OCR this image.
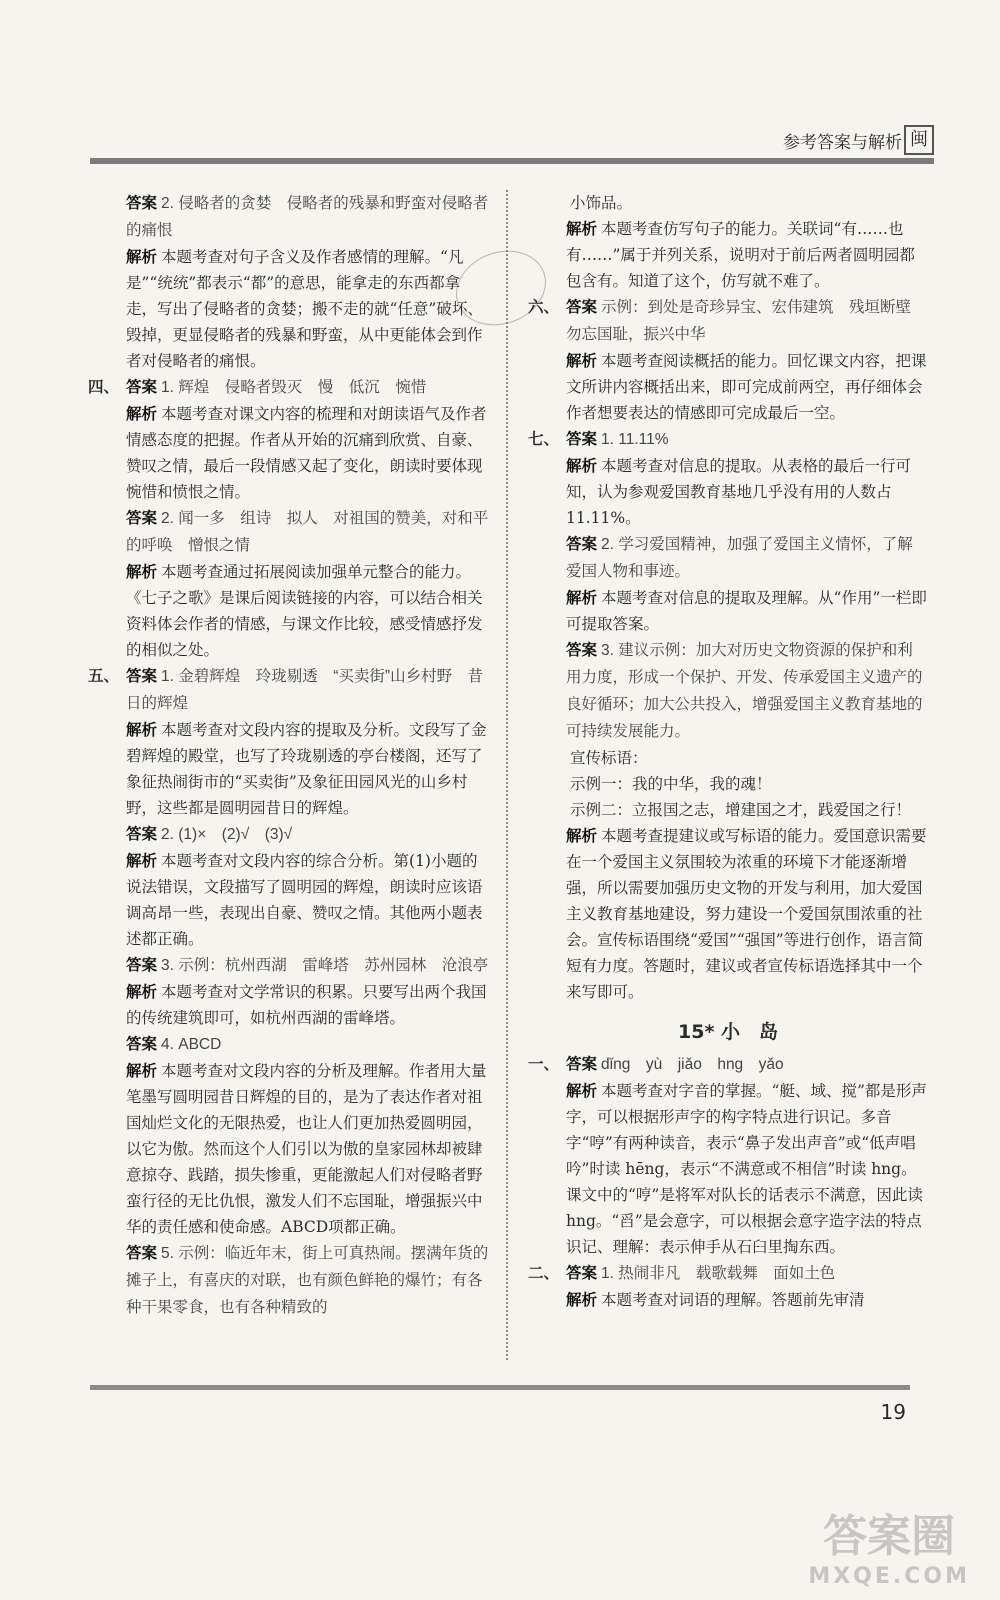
参考答案与解析 闽

答案 2. 侵略者的贪婪　侵略者的残暴和野蛮对侵略者的痛恨

解析 本题考查对句子含义及作者感情的理解。“凡是”“统统”都表示“都”的意思，能拿走的东西都拿走，写出了侵略者的贪婪；搬不走的就“任意”破坏、毁掉，更显侵略者的残暴和野蛮，从中更能体会到作者对侵略者的痛恨。

四、 答案 1. 辉煌　侵略者毁灭　慢　低沉　惋惜

解析 本题考查对课文内容的梳理和对朗读语气及作者情感态度的把握。作者从开始的沉痛到欣赏、自豪、赞叹之情，最后一段情感又起了变化，朗读时要体现惋惜和愤恨之情。

答案 2. 闻一多　组诗　拟人　对祖国的赞美，对和平的呼唤　憎恨之情

解析 本题考查通过拓展阅读加强单元整合的能力。《七子之歌》是课后阅读链接的内容，可以结合相关资料体会作者的情感，与课文作比较，感受情感抒发的相似之处。

五、 答案 1. 金碧辉煌　玲珑剔透　“买卖街”山乡村野　昔日的辉煌

解析 本题考查对文段内容的提取及分析。文段写了金碧辉煌的殿堂，也写了玲珑剔透的亭台楼阁，还写了象征热闹街市的“买卖街”及象征田园风光的山乡村野，这些都是圆明园昔日的辉煌。

答案 2. (1)×　(2)√　(3)√

解析 本题考查对文段内容的综合分析。第(1)小题的说法错误，文段描写了圆明园的辉煌，朗读时应该语调高昂一些，表现出自豪、赞叹之情。其他两小题表述都正确。

答案 3. 示例：杭州西湖　雷峰塔　苏州园林　沧浪亭

解析 本题考查对文学常识的积累。只要写出两个我国的传统建筑即可，如杭州西湖的雷峰塔。

答案 4. ABCD

解析 本题考查对文段内容的分析及理解。作者用大量笔墨写圆明园昔日辉煌的目的，是为了表达作者对祖国灿烂文化的无限热爱，也让人们更加热爱圆明园，以它为傲。然而这个人们引以为傲的皇家园林却被肆意掠夺、践踏，损失惨重，更能激起人们对侵略者野蛮行径的无比仇恨，激发人们不忘国耻，增强振兴中华的责任感和使命感。ABCD项都正确。

答案 5. 示例：临近年末，街上可真热闹。摆满年货的摊子上，有喜庆的对联，也有颜色鲜艳的爆竹；有各种干果零食，也有各种精致的

小饰品。

解析 本题考查仿写句子的能力。关联词“有……也有……”属于并列关系，说明对于前后两者圆明园都包含有。知道了这个，仿写就不难了。

六、 答案 示例：到处是奇珍异宝、宏伟建筑　残垣断壁　勿忘国耻，振兴中华

解析 本题考查阅读概括的能力。回忆课文内容，把课文所讲内容概括出来，即可完成前两空，再仔细体会作者想要表达的情感即可完成最后一空。

七、 答案 1. 11.11%

解析 本题考查对信息的提取。从表格的最后一行可知，认为参观爱国教育基地几乎没有用的人数占11.11%。

答案 2. 学习爱国精神，加强了爱国主义情怀，了解爱国人物和事迹。

解析 本题考查对信息的提取及理解。从“作用”一栏即可提取答案。

答案 3. 建议示例：加大对历史文物资源的保护和利用力度，形成一个保护、开发、传承爱国主义遗产的良好循环；加大公共投入，增强爱国主义教育基地的可持续发展能力。

宣传标语：

示例一：我的中华，我的魂！

示例二：立报国之志，增建国之才，践爱国之行！

解析 本题考查提建议或写标语的能力。爱国意识需要在一个爱国主义氛围较为浓重的环境下才能逐渐增强，所以需要加强历史文物的开发与利用，加大爱国主义教育基地建设，努力建设一个爱国氛围浓重的社会。宣传标语围绕“爱国”“强国”等进行创作，语言简短有力度。答题时，建议或者宣传标语选择其中一个来写即可。

15* 小　岛

一、 答案 dǐng　yù　jiǎo　hng　yǎo

解析 本题考查对字音的掌握。“艇、域、搅”都是形声字，可以根据形声字的构字特点进行识记。多音字“哼”有两种读音，表示“鼻子发出声音”或“低声唱吟”时读 hēng，表示“不满意或不相信”时读 hng。课文中的“哼”是将军对队长的话表示不满意，因此读 hng。“舀”是会意字，可以根据会意字造字法的特点识记、理解：表示伸手从石臼里掏东西。

二、 答案 1. 热闹非凡　载歌载舞　面如土色

解析 本题考查对词语的理解。答题前先审清

19
答案圈
MXQE.COM
